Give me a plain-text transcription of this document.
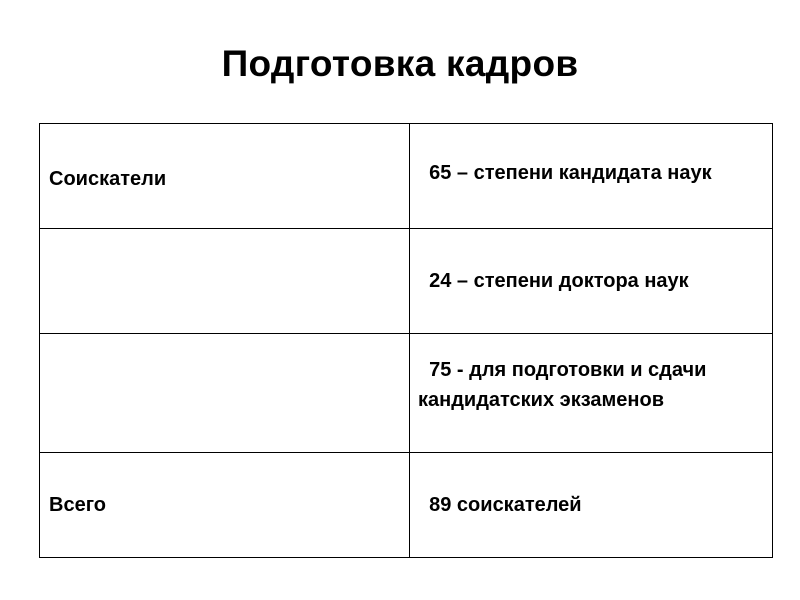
Подготовка кадров
Соискатели	65 – степени кандидата наук

	24 – степени доктора наук

	75 - для подготовки и сдачи кандидатских экзаменов

Всего	89 соискателей
